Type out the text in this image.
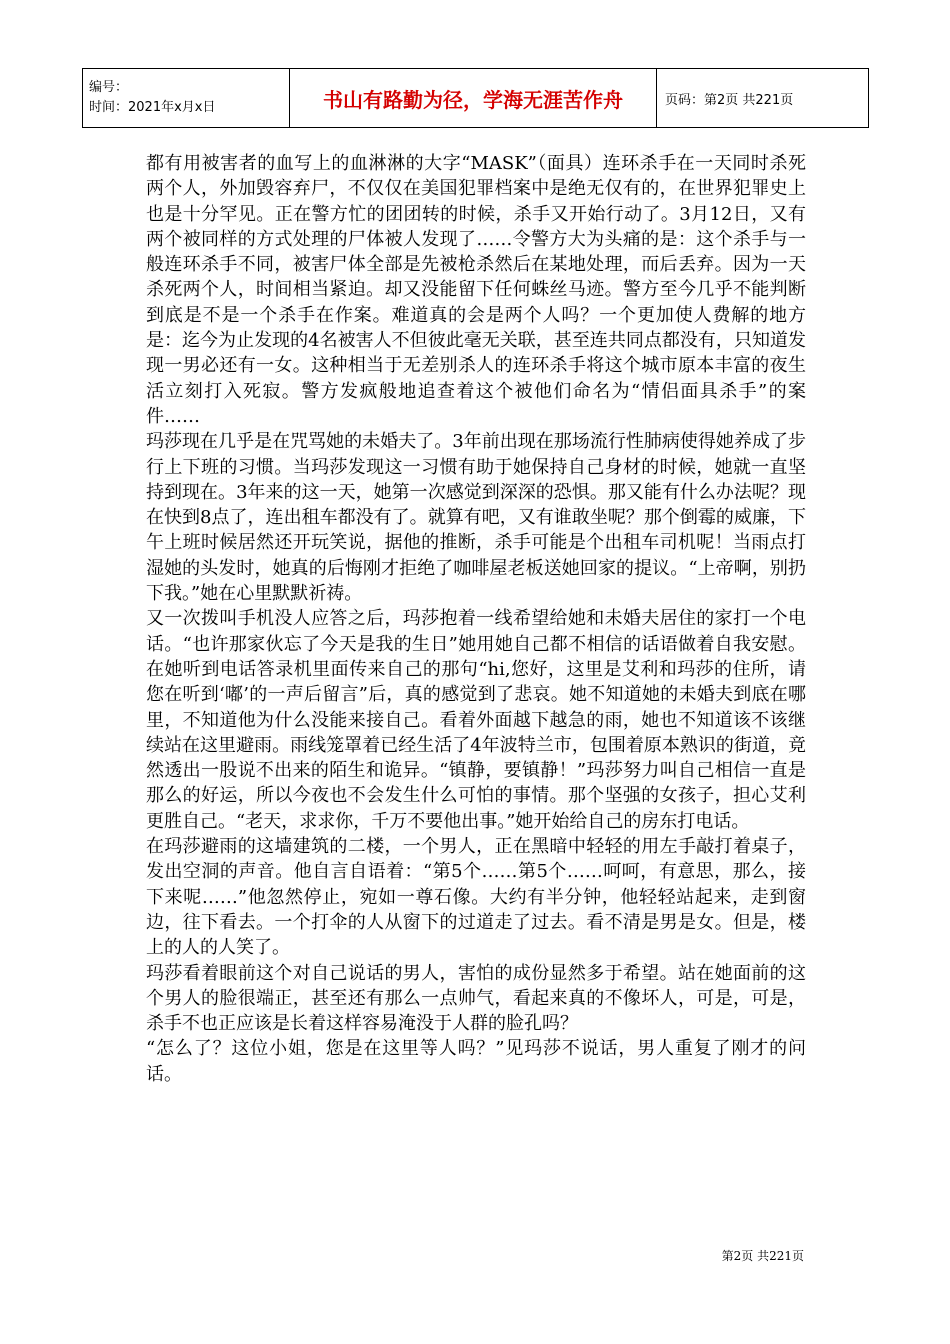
编号：
时间：2021年x月x日	书山有路勤为径，学海无涯苦作舟	页码：第2页 共221页

都有用被害者的血写上的血淋淋的大字“MASK”（面具）连环杀手在一天同时杀死两个人，外加毁容弃尸，不仅仅在美国犯罪档案中是绝无仅有的，在世界犯罪史上也是十分罕见。正在警方忙的团团转的时候，杀手又开始行动了。3月12日，又有两个被同样的方式处理的尸体被人发现了……令警方大为头痛的是：这个杀手与一般连环杀手不同，被害尸体全部是先被枪杀然后在某地处理，而后丢弃。因为一天杀死两个人，时间相当紧迫。却又没能留下任何蛛丝马迹。警方至今几乎不能判断到底是不是一个杀手在作案。难道真的会是两个人吗？一个更加使人费解的地方是：迄今为止发现的4名被害人不但彼此毫无关联，甚至连共同点都没有，只知道发现一男必还有一女。这种相当于无差别杀人的连环杀手将这个城市原本丰富的夜生活立刻打入死寂。警方发疯般地追查着这个被他们命名为“情侣面具杀手”的案件……

玛莎现在几乎是在咒骂她的未婚夫了。3年前出现在那场流行性肺病使得她养成了步行上下班的习惯。当玛莎发现这一习惯有助于她保持自己身材的时候，她就一直坚持到现在。3年来的这一天，她第一次感觉到深深的恐惧。那又能有什么办法呢？现在快到8点了，连出租车都没有了。就算有吧，又有谁敢坐呢？那个倒霉的威廉，下午上班时候居然还开玩笑说，据他的推断，杀手可能是个出租车司机呢！当雨点打湿她的头发时，她真的后悔刚才拒绝了咖啡屋老板送她回家的提议。“上帝啊，别扔下我。”她在心里默默祈祷。

又一次拨叫手机没人应答之后，玛莎抱着一线希望给她和未婚夫居住的家打一个电话。“也许那家伙忘了今天是我的生日”她用她自己都不相信的话语做着自我安慰。在她听到电话答录机里面传来自己的那句“hi,您好，这里是艾利和玛莎的住所，请您在听到‘嘟’的一声后留言”后，真的感觉到了悲哀。她不知道她的未婚夫到底在哪里，不知道他为什么没能来接自己。看着外面越下越急的雨，她也不知道该不该继续站在这里避雨。雨线笼罩着已经生活了4年波特兰市，包围着原本熟识的街道，竟然透出一股说不出来的陌生和诡异。“镇静，要镇静！”玛莎努力叫自己相信一直是那么的好运，所以今夜也不会发生什么可怕的事情。那个坚强的女孩子，担心艾利更胜自己。“老天，求求你，千万不要他出事。”她开始给自己的房东打电话。

在玛莎避雨的这墙建筑的二楼，一个男人，正在黑暗中轻轻的用左手敲打着桌子，发出空洞的声音。他自言自语着：“第5个……第5个……呵呵，有意思，那么，接下来呢……”他忽然停止，宛如一尊石像。大约有半分钟，他轻轻站起来，走到窗边，往下看去。一个打伞的人从窗下的过道走了过去。看不清是男是女。但是，楼上的人的人笑了。

玛莎看着眼前这个对自己说话的男人，害怕的成份显然多于希望。站在她面前的这个男人的脸很端正，甚至还有那么一点帅气，看起来真的不像坏人，可是，可是，杀手不也正应该是长着这样容易淹没于人群的脸孔吗？

“怎么了？这位小姐，您是在这里等人吗？”见玛莎不说话，男人重复了刚才的问话。

第2页 共221页
